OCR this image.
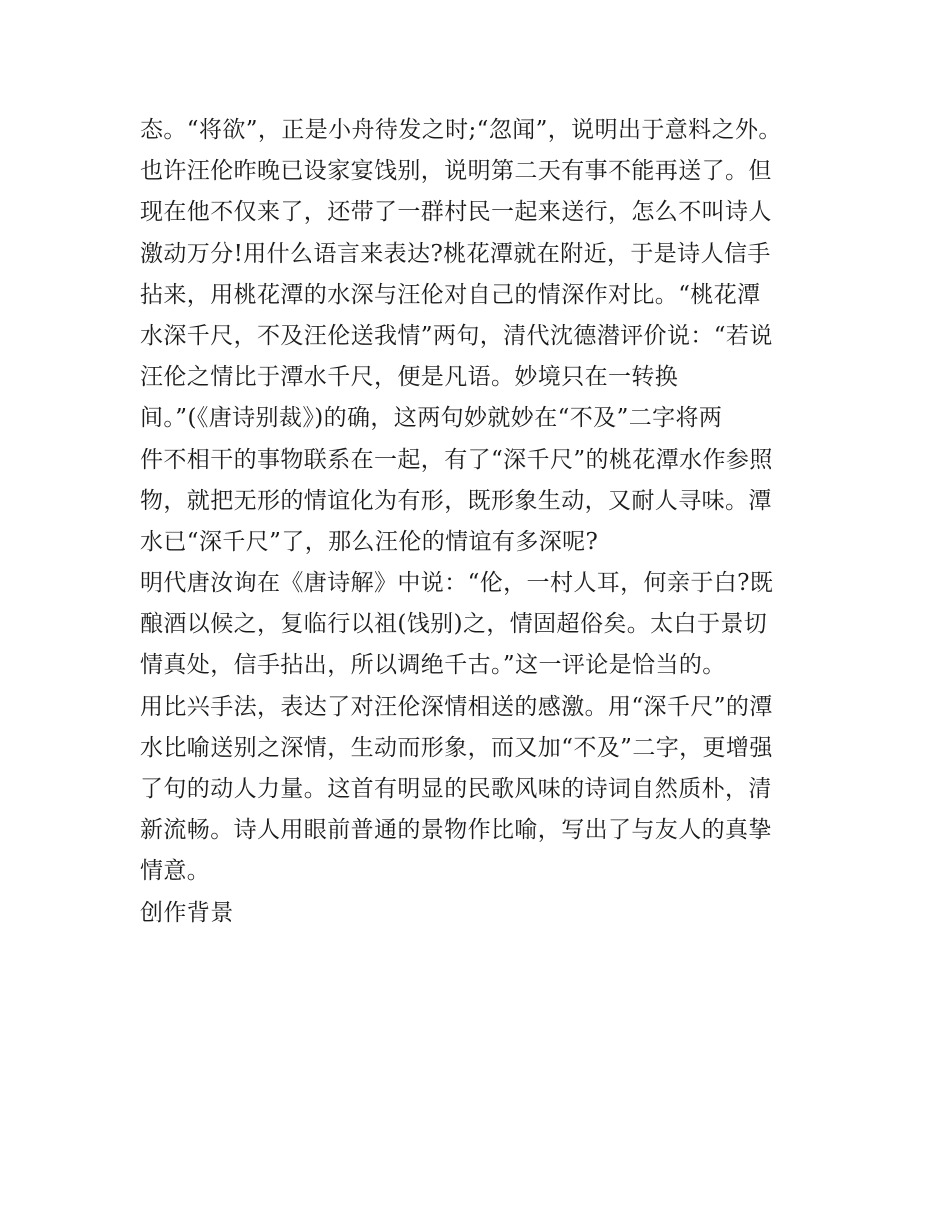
态。“将欲”，正是小舟待发之时;“忽闻”，说明出于意料之外。
也许汪伦昨晚已设家宴饯别，说明第二天有事不能再送了。但
现在他不仅来了，还带了一群村民一起来送行，怎么不叫诗人
激动万分!用什么语言来表达?桃花潭就在附近，于是诗人信手
拈来，用桃花潭的水深与汪伦对自己的情深作对比。“桃花潭
水深千尺，不及汪伦送我情”两句，清代沈德潜评价说：“若说
汪伦之情比于潭水千尺，便是凡语。妙境只在一转换
间。”(《唐诗别裁》)的确，这两句妙就妙在“不及”二字将两
件不相干的事物联系在一起，有了“深千尺”的桃花潭水作参照
物，就把无形的情谊化为有形，既形象生动，又耐人寻味。潭
水已“深千尺”了，那么汪伦的情谊有多深呢?
明代唐汝询在《唐诗解》中说：“伦，一村人耳，何亲于白?既
酿酒以候之，复临行以祖(饯别)之，情固超俗矣。太白于景切
情真处，信手拈出，所以调绝千古。”这一评论是恰当的。
用比兴手法，表达了对汪伦深情相送的感激。用“深千尺”的潭
水比喻送别之深情，生动而形象，而又加“不及”二字，更增强
了句的动人力量。这首有明显的民歌风味的诗词自然质朴，清
新流畅。诗人用眼前普通的景物作比喻，写出了与友人的真挚
情意。
创作背景
